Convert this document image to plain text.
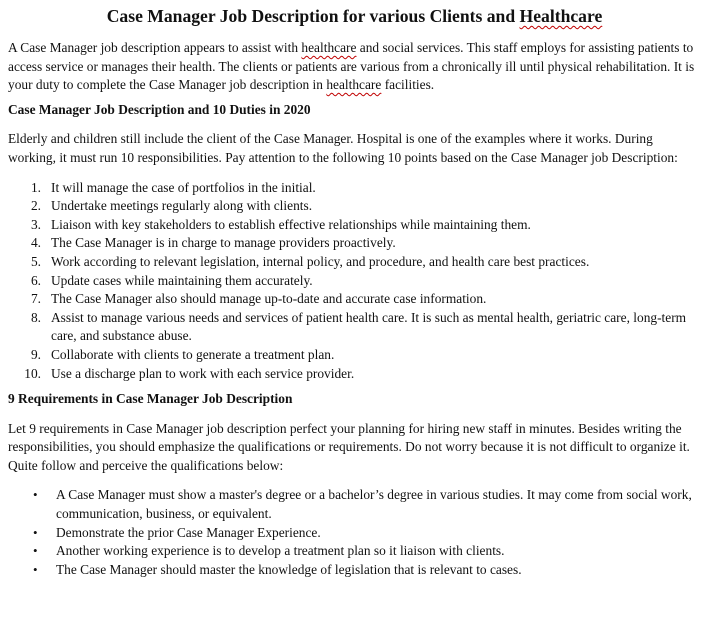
Case Manager Job Description for various Clients and Healthcare

A Case Manager job description appears to assist with healthcare and social services. This staff employs for assisting patients to access service or manages their health. The clients or patients are various from a chronically ill until physical rehabilitation. It is your duty to complete the Case Manager job description in healthcare facilities.

Case Manager Job Description and 10 Duties in 2020

Elderly and children still include the client of the Case Manager. Hospital is one of the examples where it works. During working, it must run 10 responsibilities. Pay attention to the following 10 points based on the Case Manager job Description:

1. It will manage the case of portfolios in the initial.
2. Undertake meetings regularly along with clients.
3. Liaison with key stakeholders to establish effective relationships while maintaining them.
4. The Case Manager is in charge to manage providers proactively.
5. Work according to relevant legislation, internal policy, and procedure, and health care best practices.
6. Update cases while maintaining them accurately.
7. The Case Manager also should manage up-to-date and accurate case information.
8. Assist to manage various needs and services of patient health care. It is such as mental health, geriatric care, long-term care, and substance abuse.
9. Collaborate with clients to generate a treatment plan.
10. Use a discharge plan to work with each service provider.
9 Requirements in Case Manager Job Description

Let 9 requirements in Case Manager job description perfect your planning for hiring new staff in minutes. Besides writing the responsibilities, you should emphasize the qualifications or requirements. Do not worry because it is not difficult to organize it. Quite follow and perceive the qualifications below:

• A Case Manager must show a master's degree or a bachelor’s degree in various studies. It may come from social work, communication, business, or equivalent.
• Demonstrate the prior Case Manager Experience.
• Another working experience is to develop a treatment plan so it liaison with clients.
• The Case Manager should master the knowledge of legislation that is relevant to cases.
